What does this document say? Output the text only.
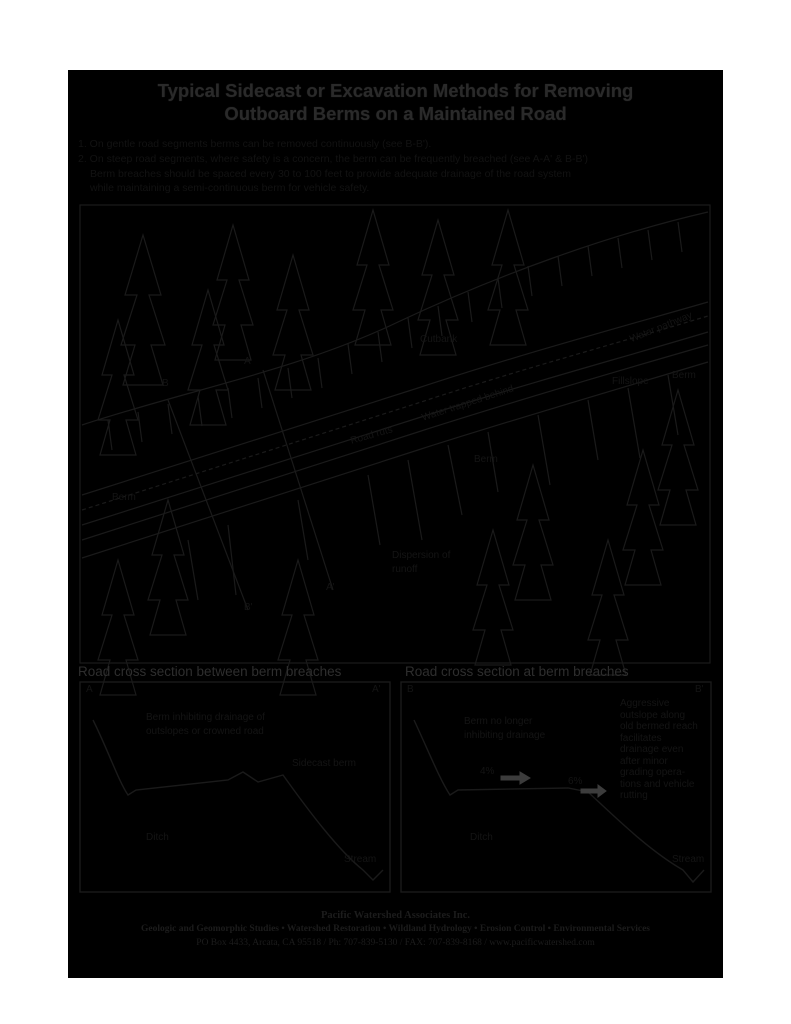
Typical Sidecast or Excavation Methods for Removing
Outboard Berms on a Maintained Road
1. On gentle road segments berms can be removed continuously (see B-B').
2. On steep road segments, where safety is a concern, the berm can be frequently breached (see A-A' & B-B')
Berm breaches should be spaced every 30 to 100 feet to provide adequate drainage of the road system
while maintaining a semi-continuous berm for vehicle safety.
Cutbank	Water pathway
Berm
Fillslope
Water trapped behind
Road ruts
Berm
Berm
Dispersion of
runoff
A
A'
B
B'
Road cross section between berm breaches	Road cross section at berm breaches
A	A'
Berm inhibiting drainage of
outslopes or crowned road
Sidecast berm
Ditch
Stream
B	B'
Berm no longer
inhibiting drainage
4%
6%
Ditch
Stream
Aggressive
outslope along
old bermed reach
facilitates
drainage even
after minor
grading opera-
tions and vehicle
rutting
Pacific Watershed Associates Inc.
Geologic and Geomorphic Studies • Watershed Restoration • Wildland Hydrology • Erosion Control • Environmental Services
PO Box 4433, Arcata, CA 95518 / Ph: 707-839-5130 / FAX: 707-839-8168 / www.pacificwatershed.com
